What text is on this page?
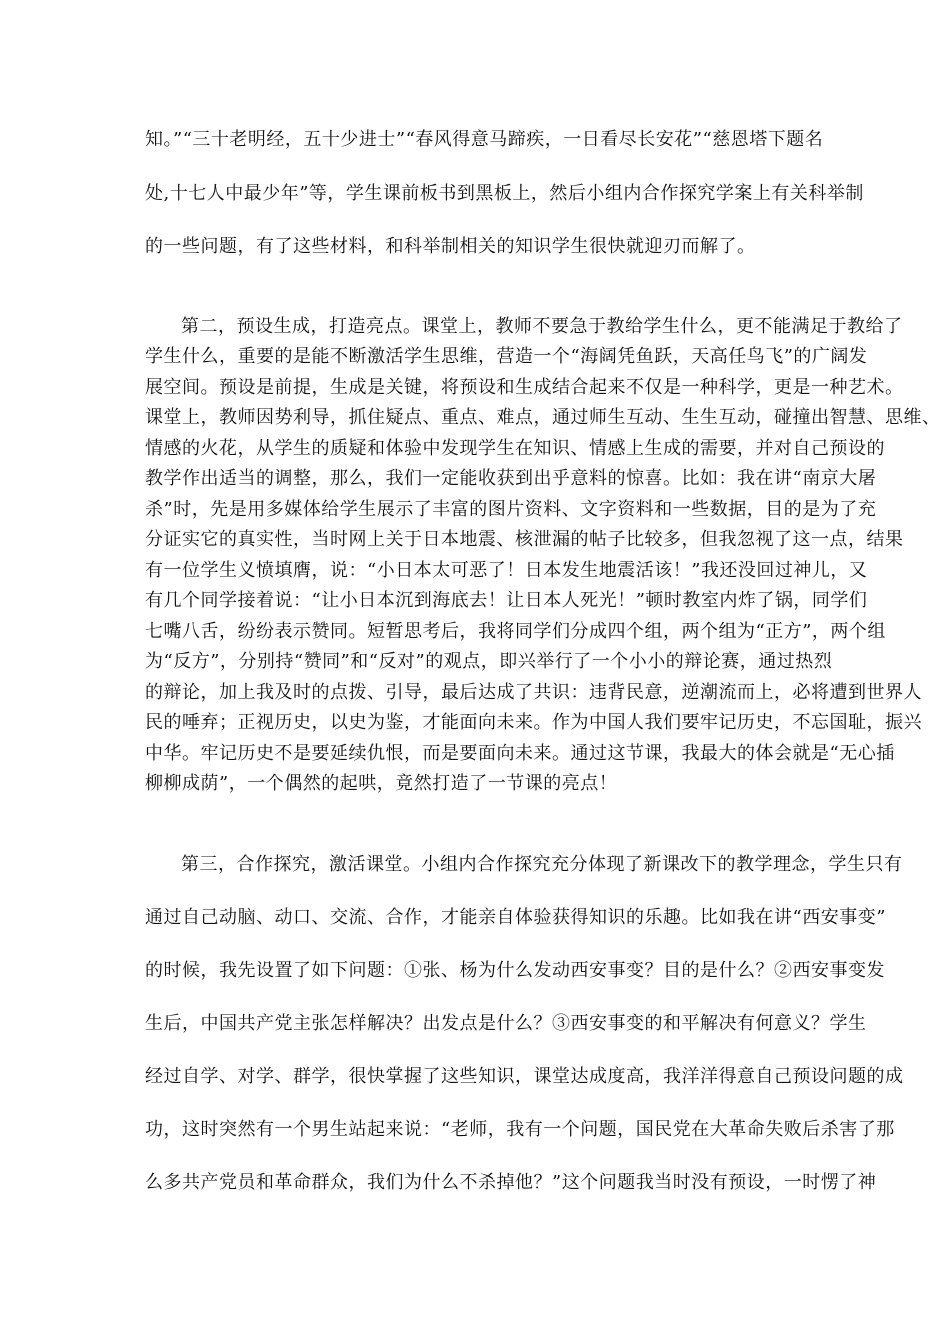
知。”“三十老明经，五十少进士”“春风得意马蹄疾，一日看尽长安花”“慈恩塔下题名
处,十七人中最少年”等，学生课前板书到黑板上，然后小组内合作探究学案上有关科举制
的一些问题，有了这些材料，和科举制相关的知识学生很快就迎刃而解了。
第二，预设生成，打造亮点。课堂上，教师不要急于教给学生什么，更不能满足于教给了
学生什么，重要的是能不断激活学生思维，营造一个“海阔凭鱼跃，天高任鸟飞”的广阔发
展空间。预设是前提，生成是关键，将预设和生成结合起来不仅是一种科学，更是一种艺术。
课堂上，教师因势利导，抓住疑点、重点、难点，通过师生互动、生生互动，碰撞出智慧、思维、
情感的火花，从学生的质疑和体验中发现学生在知识、情感上生成的需要，并对自己预设的
教学作出适当的调整，那么，我们一定能收获到出乎意料的惊喜。比如：我在讲“南京大屠
杀”时，先是用多媒体给学生展示了丰富的图片资料、文字资料和一些数据，目的是为了充
分证实它的真实性，当时网上关于日本地震、核泄漏的帖子比较多，但我忽视了这一点，结果
有一位学生义愤填膺，说：“小日本太可恶了！日本发生地震活该！”我还没回过神儿，又
有几个同学接着说：“让小日本沉到海底去！让日本人死光！”顿时教室内炸了锅，同学们
七嘴八舌，纷纷表示赞同。短暂思考后，我将同学们分成四个组，两个组为“正方”，两个组
为“反方”，分别持“赞同”和“反对”的观点，即兴举行了一个小小的辩论赛，通过热烈
的辩论，加上我及时的点拨、引导，最后达成了共识：违背民意，逆潮流而上，必将遭到世界人
民的唾弃；正视历史，以史为鉴，才能面向未来。作为中国人我们要牢记历史，不忘国耻，振兴
中华。牢记历史不是要延续仇恨，而是要面向未来。通过这节课，我最大的体会就是“无心插
柳柳成荫”，一个偶然的起哄，竟然打造了一节课的亮点！
第三，合作探究，激活课堂。小组内合作探究充分体现了新课改下的教学理念，学生只有
通过自己动脑、动口、交流、合作，才能亲自体验获得知识的乐趣。比如我在讲“西安事变”
的时候，我先设置了如下问题：①张、杨为什么发动西安事变？目的是什么？②西安事变发
生后，中国共产党主张怎样解决？出发点是什么？③西安事变的和平解决有何意义？学生
经过自学、对学、群学，很快掌握了这些知识，课堂达成度高，我洋洋得意自己预设问题的成
功，这时突然有一个男生站起来说：“老师，我有一个问题，国民党在大革命失败后杀害了那
么多共产党员和革命群众，我们为什么不杀掉他？”这个问题我当时没有预设，一时愣了神
